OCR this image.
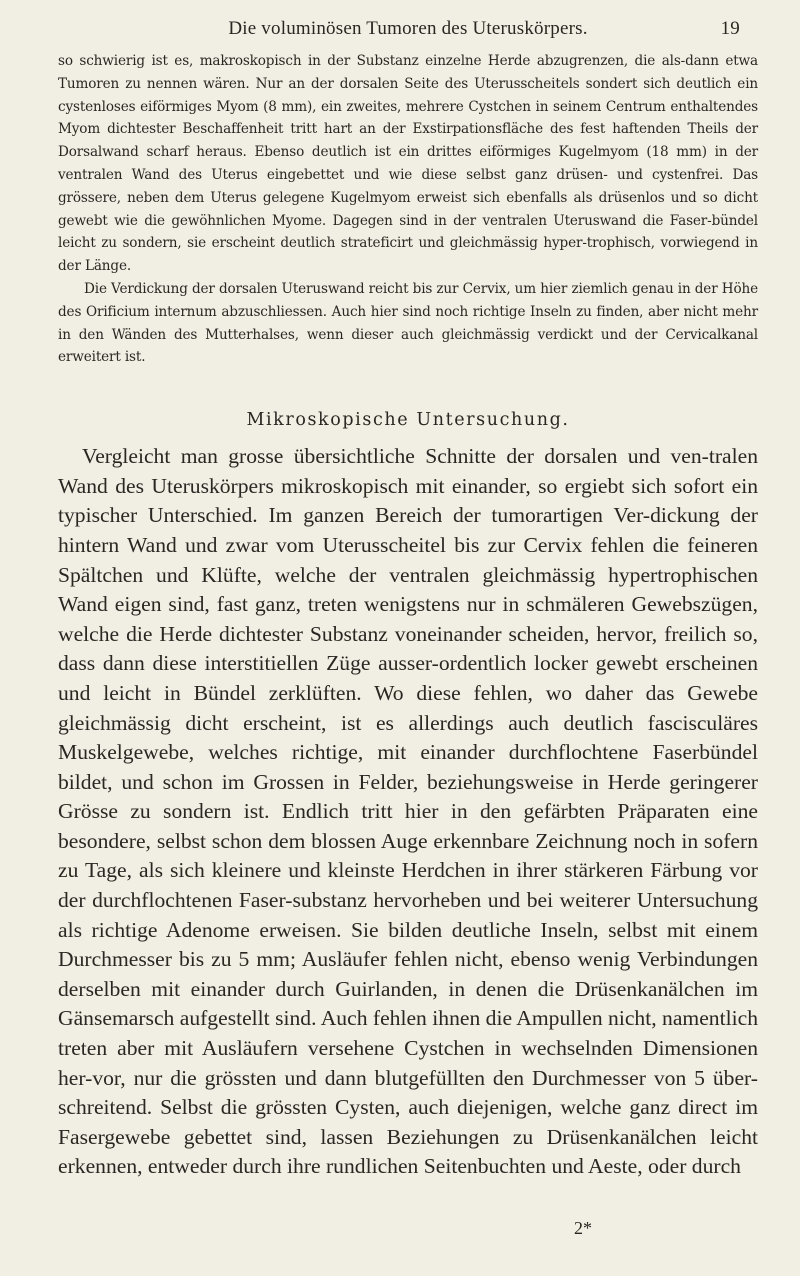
Die voluminösen Tumoren des Uteruskörpers.	19

so schwierig ist es, makroskopisch in der Substanz einzelne Herde abzugrenzen, die als-dann etwa Tumoren zu nennen wären. Nur an der dorsalen Seite des Uterusscheitels sondert sich deutlich ein cystenloses eiförmiges Myom (8 mm), ein zweites, mehrere Cystchen in seinem Centrum enthaltendes Myom dichtester Beschaffenheit tritt hart an der Exstirpationsfläche des fest haftenden Theils der Dorsalwand scharf heraus. Ebenso deutlich ist ein drittes eiförmiges Kugelmyom (18 mm) in der ventralen Wand des Uterus eingebettet und wie diese selbst ganz drüsen- und cystenfrei. Das grössere, neben dem Uterus gelegene Kugelmyom erweist sich ebenfalls als drüsenlos und so dicht gewebt wie die gewöhnlichen Myome. Dagegen sind in der ventralen Uteruswand die Faser-bündel leicht zu sondern, sie erscheint deutlich strateficirt und gleichmässig hyper-trophisch, vorwiegend in der Länge.

Die Verdickung der dorsalen Uteruswand reicht bis zur Cervix, um hier ziemlich genau in der Höhe des Orificium internum abzuschliessen. Auch hier sind noch richtige Inseln zu finden, aber nicht mehr in den Wänden des Mutterhalses, wenn dieser auch gleichmässig verdickt und der Cervicalkanal erweitert ist.

Mikroskopische Untersuchung.

Vergleicht man grosse übersichtliche Schnitte der dorsalen und ven-tralen Wand des Uteruskörpers mikroskopisch mit einander, so ergiebt sich sofort ein typischer Unterschied. Im ganzen Bereich der tumorartigen Ver-dickung der hintern Wand und zwar vom Uterusscheitel bis zur Cervix fehlen die feineren Spältchen und Klüfte, welche der ventralen gleichmässig hypertrophischen Wand eigen sind, fast ganz, treten wenigstens nur in schmäleren Gewebszügen, welche die Herde dichtester Substanz voneinander scheiden, hervor, freilich so, dass dann diese interstitiellen Züge ausser-ordentlich locker gewebt erscheinen und leicht in Bündel zerklüften. Wo diese fehlen, wo daher das Gewebe gleichmässig dicht erscheint, ist es allerdings auch deutlich fascisculäres Muskelgewebe, welches richtige, mit einander durchflochtene Faserbündel bildet, und schon im Grossen in Felder, beziehungsweise in Herde geringerer Grösse zu sondern ist. Endlich tritt hier in den gefärbten Präparaten eine besondere, selbst schon dem blossen Auge erkennbare Zeichnung noch in sofern zu Tage, als sich kleinere und kleinste Herdchen in ihrer stärkeren Färbung vor der durchflochtenen Faser-substanz hervorheben und bei weiterer Untersuchung als richtige Adenome erweisen. Sie bilden deutliche Inseln, selbst mit einem Durchmesser bis zu 5 mm; Ausläufer fehlen nicht, ebenso wenig Verbindungen derselben mit einander durch Guirlanden, in denen die Drüsenkanälchen im Gänsemarsch aufgestellt sind. Auch fehlen ihnen die Ampullen nicht, namentlich treten aber mit Ausläufern versehene Cystchen in wechselnden Dimensionen her-vor, nur die grössten und dann blutgefüllten den Durchmesser von 5 über-schreitend. Selbst die grössten Cysten, auch diejenigen, welche ganz direct im Fasergewebe gebettet sind, lassen Beziehungen zu Drüsenkanälchen leicht erkennen, entweder durch ihre rundlichen Seitenbuchten und Aeste, oder durch

2*
